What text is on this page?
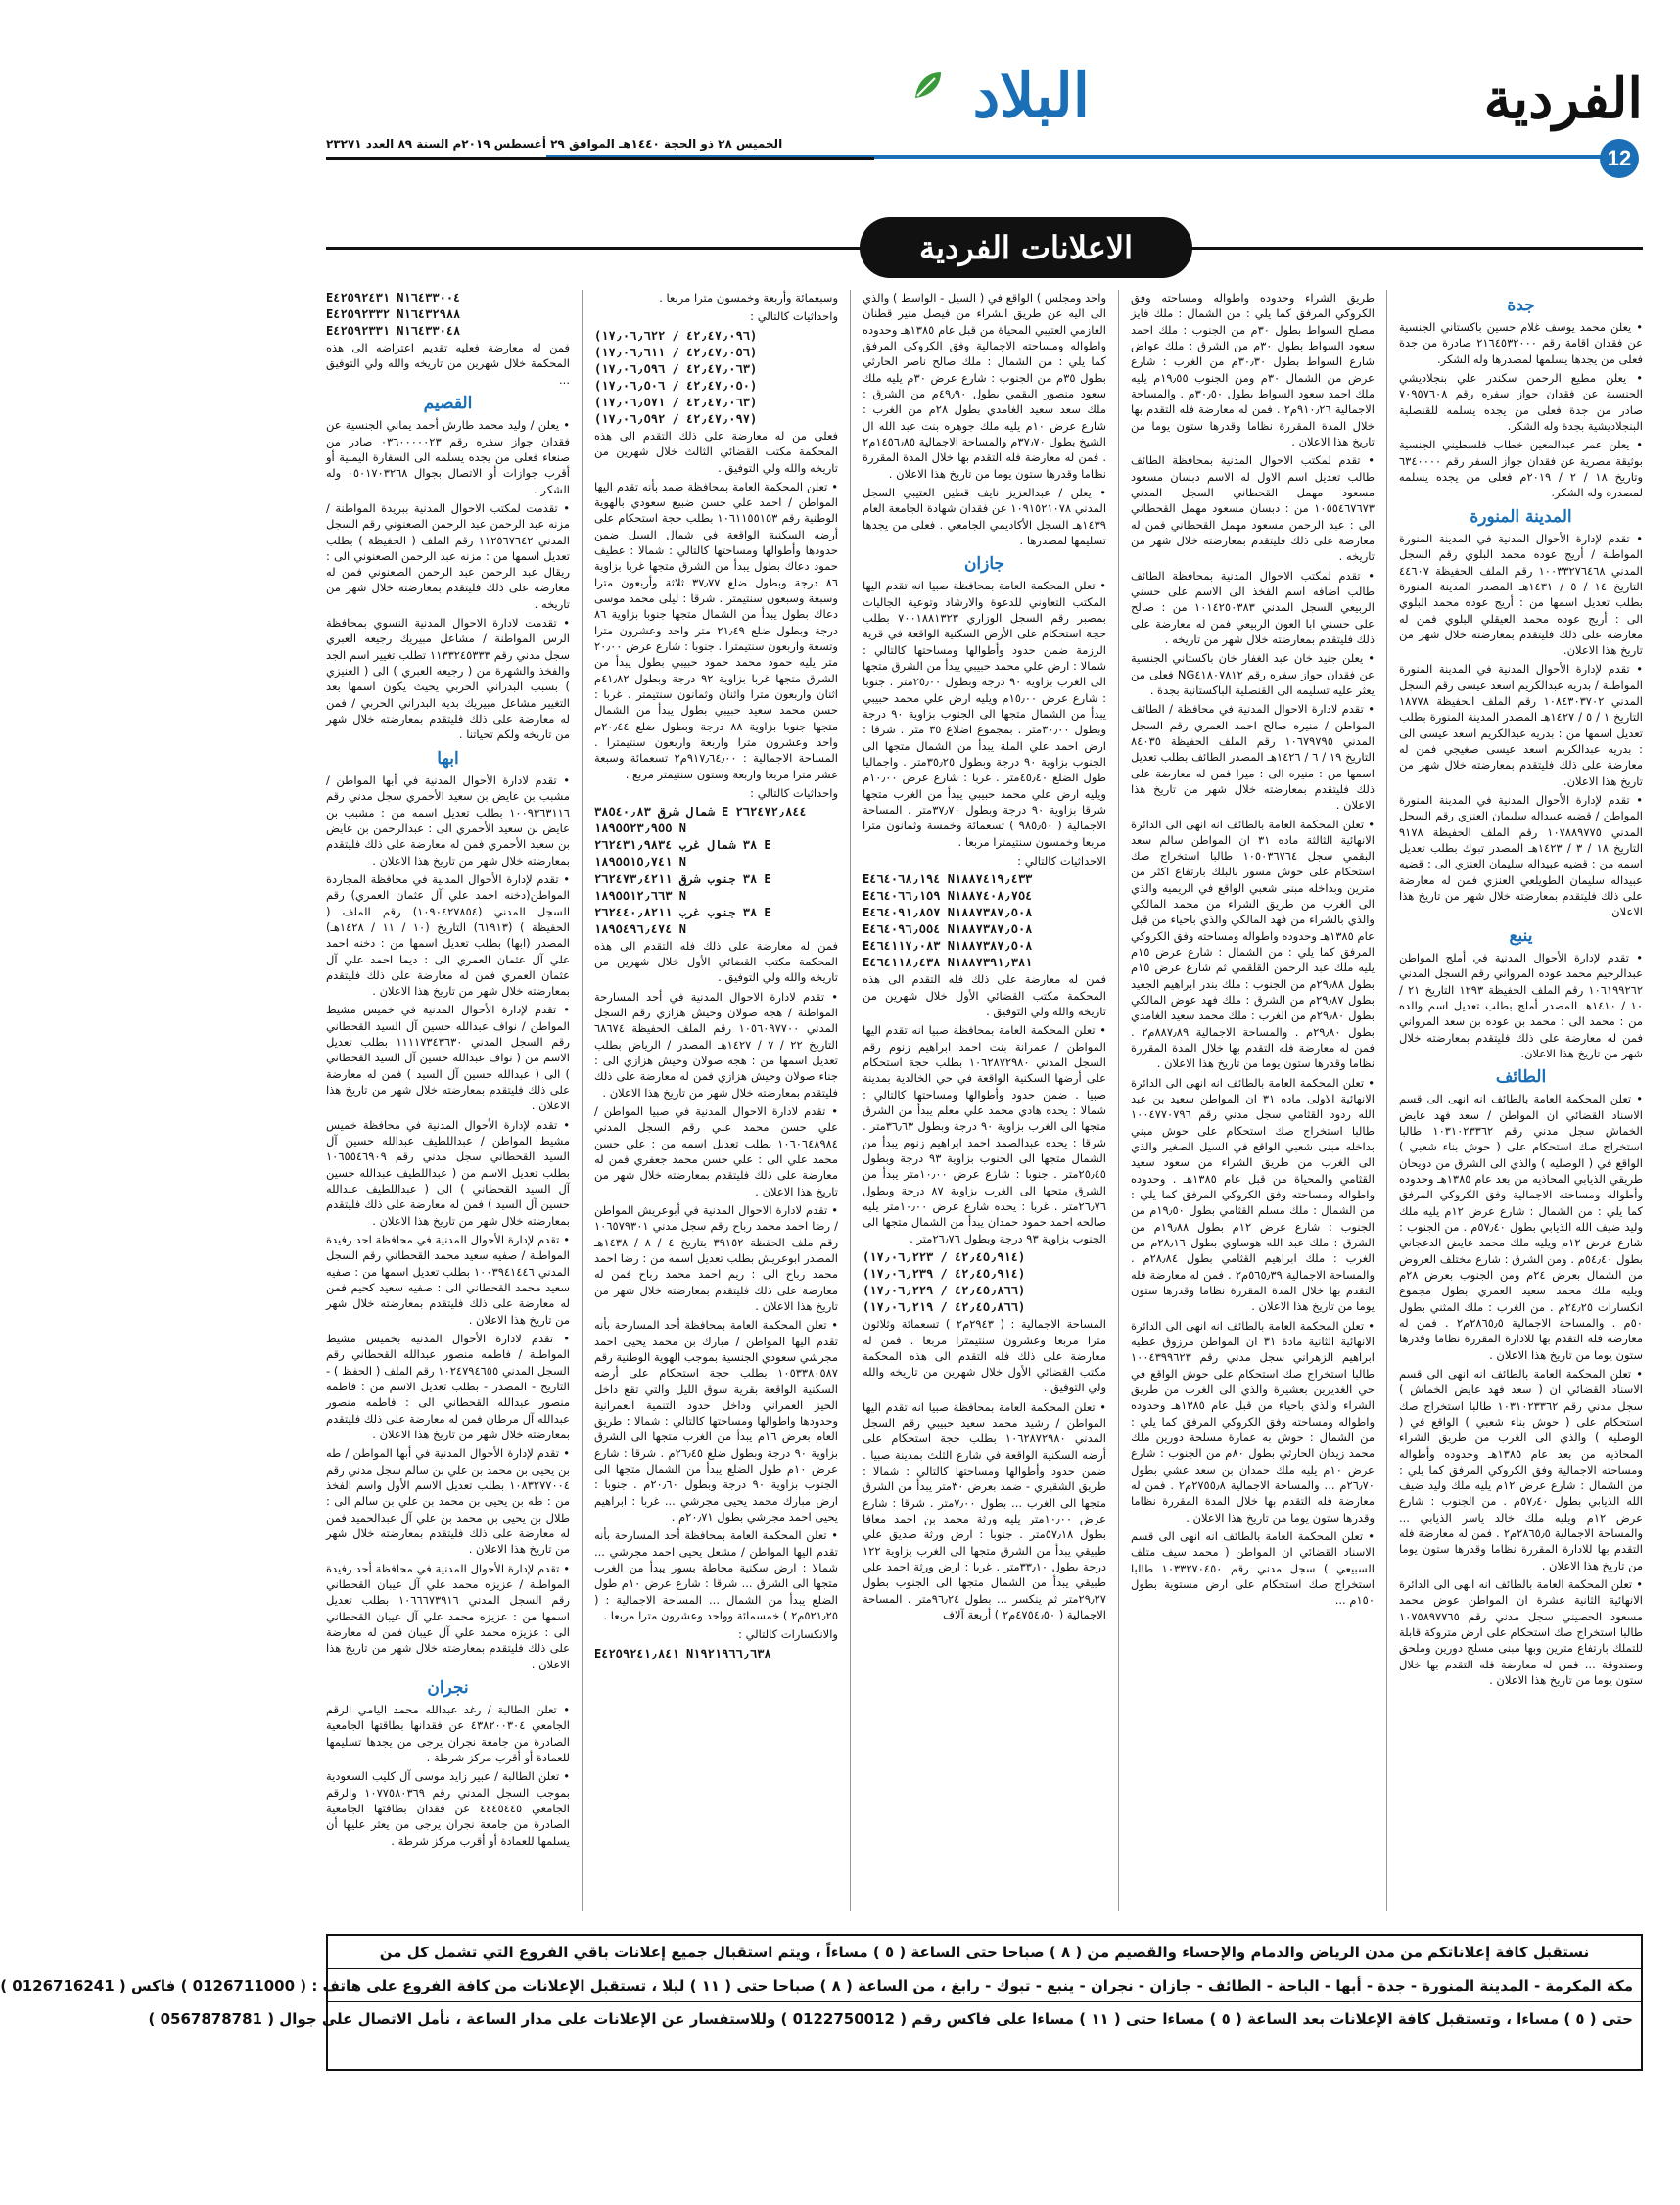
الفردية
12
البلاد
الخميس ٢٨ ذو الحجة ١٤٤٠هـ الموافق ٢٩ أغسطس ٢٠١٩م السنة ٨٩ العدد ٢٣٢٧١
الاعلانات الفردية
جدة
• يعلن محمد يوسف غلام حسين باكستاني الجنسية عن فقدان اقامة رقم ٢١٦٤٥٣٢٠٠٠ صادرة من جدة فعلى من يجدها يسلمها لمصدرها وله الشكر.
• يعلن مطيع الرحمن سكندر علي بنجلاديشي الجنسية عن فقدان جواز سفره رقم ٧٠٩٥٧٦٠٨ صادر من جدة فعلى من يجده يسلمه للقنصلية البنجلاديشية بجدة وله الشكر.
• يعلن عمر عبدالمعين خطاب فلسطيني الجنسية بوثيقة مصرية عن فقدان جواز السفر رقم ٦٣٤٠٠٠٠ وتاريخ ١٨ / ٢ / ٢٠١٩م فعلى من يجده يسلمه لمصدره وله الشكر.
المدينة المنورة
• تقدم لإدارة الأحوال المدنية في المدينة المنورة المواطنة / أريج عوده محمد البلوي رقم السجل المدني ١٠٠٣٣٢٧٦٤٦٨ رقم الملف الحفيظة ٤٤٦٠٧ التاريخ ١٤ / ٥ / ١٤٣١هـ المصدر المدينة المنورة بطلب تعديل اسمها من : أريج عوده محمد البلوي الى : أريج عوده محمد العيقلي البلوي فمن له معارضة على ذلك فليتقدم بمعارضته خلال شهر من تاريخ هذا الاعلان.
• تقدم لإدارة الأحوال المدنية في المدينة المنورة المواطنة / بدريه عبدالكريم اسعد عيسى رقم السجل المدني ١٠٨٤٣٠٣٧٠٢ رقم الملف الحفيظة ١٨٧٧٨ التاريخ ١ / ٥ / ١٤٢٧هـ المصدر المدينة المنورة بطلب تعديل اسمها من : بدريه عبدالكريم اسعد عيسى الى : بدريه عبدالكريم اسعد عيسى صغيجي فمن له معارضة على ذلك فليتقدم بمعارضته خلال شهر من تاريخ هذا الاعلان.
• تقدم لإدارة الأحوال المدنية في المدينة المنورة المواطن / قضيه عبيداله سليمان العنزي رقم السجل المدني ١٠٧٨٨٩٧٧٥ رقم الملف الحفيظة ٩١٧٨ التاريخ ١٨ / ٣ / ١٤٢٣هـ المصدر تبوك بطلب تعديل اسمه من : قضيه عبيداله سليمان العنزي الى : قضيه عبيداله سليمان الطويلعي العنزي فمن له معارضة على ذلك فليتقدم بمعارضته خلال شهر من تاريخ هذا الاعلان.
ينبع
• تقدم لإدارة الأحوال المدنية في أملج المواطن عبدالرحيم محمد عوده المرواني رقم السجل المدني ١٠٦١٩٩٢٦٢ رقم الملف الحفيظة ١٢٩٣ التاريخ ٢١ / ١٠ / ١٤١٠هـ المصدر أملج بطلب تعديل اسم والده من : محمد الى : محمد بن عوده بن سعد المرواني فمن له معارضة على ذلك فليتقدم بمعارضته خلال شهر من تاريخ هذا الاعلان.
الطائف
• تعلن المحكمة العامة بالطائف انه انهى الى قسم الاسناد القضائي ان المواطن / سعد فهد عايض الخماش سجل مدني رقم ١٠٣١٠٢٣٣٦٢ طالبا استخراج صك استحكام على ( حوش بناء شعبي ) الواقع في ( الوصليه ) والذي الى الشرق من دويحان طريقي الذيابي المحاذيه من بعد عام ١٣٨٥هـ وحدوده وأطواله ومساحته الاجمالية وفق الكروكي المرفق كما يلي : من الشمال : شارع عرض ١٢م يليه ملك وليد ضيف الله الذيابي بطول ٥٧٫٤٠م . من الجنوب : شارع عرض ١٢م ويليه ملك محمد عايض الدعجاني بطول ٥٤٫٤٠م . ومن الشرق : شارع مختلف العروض من الشمال بعرض ٢٤م ومن الجنوب بعرض ٢٨م ويليه ملك محمد سعيد العمري بطول مجموع انكسارات ٢٤٫٢٥م . من الغرب : ملك المثني بطول ٥٠م . والمساحة الاجمالية ٢٨٦٥٫٥م٢ . فمن له معارضة فله التقدم بها للادارة المقررة نظاما وقدرها ستون يوما من تاريخ هذا الاعلان .
• تعلن المحكمة العامة بالطائف انه انهى الى قسم الاسناد القضائي ان ( سعد فهد عايض الخماش ) سجل مدني رقم ١٠٣١٠٢٣٣٦٢ طالبا استخراج صك استحكام على ( حوش بناء شعبي ) الواقع في ( الوصليه ) والذي الى الغرب من طريق الشراء المحاذيه من بعد عام ١٣٨٥هـ وحدوده وأطواله ومساحته الاجمالية وفق الكروكي المرفق كما يلي : من الشمال : شارع عرض ١٢م يليه ملك وليد ضيف الله الذيابي بطول ٥٧٫٤٠م . من الجنوب : شارع عرض ١٢م ويليه ملك خالد ياسر الذيابي ... والمساحة الاجمالية ٢٨٦٥٫٥م٢ . فمن له معارضة فله التقدم بها للادارة المقررة نظاما وقدرها ستون يوما من تاريخ هذا الاعلان .
• تعلن المحكمة العامة بالطائف انه انهى الى الدائرة الانهائية الثانية عشرة ان المواطن عوض محمد مسعود الحصيني سجل مدني رقم ١٠٧٥٨٩٧٧٦٥ طالبا استخراج صك استحكام على ارض متروكة قابلة للتملك بارتفاع مترين وبها مبنى مسلح دورين وملحق وصندوقة ... فمن له معارضة فله التقدم بها خلال ستون يوما من تاريخ هذا الاعلان .
طريق الشراء وحدوده واطواله ومساحته وفق الكروكي المرفق كما يلي : من الشمال : ملك فايز مصلح السواط بطول ٣٠م من الجنوب : ملك احمد سعود السواط بطول ٣٠م من الشرق : ملك عواض شارع السواط بطول ٣٠٫٣٠م من الغرب : شارع عرض من الشمال ٣٠م ومن الجنوب ١٩٫٥٥م يليه ملك احمد سعود السواط بطول ٣٠٫٥٠م . والمساحة الاجمالية ٩١٠٫٢٦م٢ . فمن له معارضة فله التقدم بها خلال المدة المقررة نظاما وقدرها ستون يوما من تاريخ هذا الاعلان .
• تقدم لمكتب الاحوال المدنية بمحافظة الطائف طالب تعديل اسم الاول له الاسم دبسان مسعود مسعود مهمل القحطاني السجل المدني ١٠٥٥٤٦٧٦٧٣ من : دبسان مسعود مهمل القحطاني الى : عبد الرحمن مسعود مهمل القحطاني فمن له معارضة على ذلك فليتقدم بمعارضته خلال شهر من تاريخه .
• تقدم لمكتب الاحوال المدنية بمحافظة الطائف طالب اضافه اسم الفخذ الى الاسم على حسني الربيعي السجل المدني ١٠١٤٢٥٠٣٨٣ من : صالح على حسني ابا العون الربيعي فمن له معارضة على ذلك فليتقدم بمعارضته خلال شهر من تاريخه .
• يعلن جنيد خان عبد الغفار خان باكستاني الجنسية عن فقدان جواز سفره رقم NG٤١٨٠٧٨١٢ فعلى من يعثر عليه تسليمه الى القنصلية الباكستانية بجدة .
• تقدم لادارة الاحوال المدنية في محافظة / الطائف المواطن / منيره صالح احمد العمري رقم السجل المدني ١٠٦٧٩٧٩٥ رقم الملف الحفيظة ٨٤٠٣٥ التاريخ ١٩ / ٦ / ١٤٢٦هـ المصدر الطائف بطلب تعديل اسمها من : منيره الى : ميرا فمن له معارضة على ذلك فليتقدم بمعارضته خلال شهر من تاريخ هذا الاعلان .
• تعلن المحكمة العامة بالطائف انه انهى الى الدائرة الانهائية الثالثة ماده ٣١ ان المواطن سالم سعد البقمي سجل ١٠٥٠٣٦٧٦٤ طالبا استخراج صك استحكام على حوش مسور بالبلك بارتفاع اكثر من مترين وبداخله مبنى شعبي الواقع في الريميه والذي الى الغرب من طريق الشراء من محمد المالكي والذي بالشراء من فهد المالكي والذي باحياء من قبل عام ١٣٨٥هـ وحدوده واطواله ومساحته وفق الكروكي المرفق كما يلي : من الشمال : شارع عرض ١٥م يليه ملك عبد الرحمن القلقمي ثم شارع عرض ١٥م بطول ٢٩٫٨٨م من الجنوب : ملك بندر ابراهيم الجعيد بطول ٢٩٫٨٧م من الشرق : ملك فهد عوض المالكي بطول ٢٩٫٨٠م من الغرب : ملك محمد سعيد الغامدي بطول ٢٩٫٨٠م . والمساحة الاجمالية ٨٨٧٫٨٩م٢ . فمن له معارضة فله التقدم بها خلال المدة المقررة نظاما وقدرها ستون يوما من تاريخ هذا الاعلان .
• تعلن المحكمة العامة بالطائف انه انهى الى الدائرة الانهائية الاولى ماده ٣١ ان المواطن سعيد بن عبد الله ردود القثامي سجل مدني رقم ١٠٠٤٧٧٠٧٩٦ طالبا استخراج صك استحكام على حوش مبني بداخله مبنى شعبي الواقع في السيل الصغير والذي الى الغرب من طريق الشراء من سعود سعيد القثامي والمحياة من قبل عام ١٣٨٥هـ . وحدوده واطواله ومساحته وفق الكروكي المرفق كما يلي : من الشمال : ملك مسلم القثامي بطول ١٩٫٥٠م من الجنوب : شارع عرض ١٢م بطول ١٩٫٨٨م من الشرق : ملك عبد الله هوساوي بطول ٢٨٫١٦م من الغرب : ملك ابراهيم القثامي بطول ٢٨٫٨٤م . والمساحة الاجمالية ٥٦٥٫٣٩م٢ . فمن له معارضة فله التقدم بها خلال المدة المقررة نظاما وقدرها ستون يوما من تاريخ هذا الاعلان .
• تعلن المحكمة العامة بالطائف انه انهى الى الدائرة الانهائية الثانية مادة ٣١ ان المواطن مرزوق عطيه ابراهيم الزهراني سجل مدني رقم ١٠٠٤٣٩٩٦٢٣ طالبا استخراج صك استحكام على حوش الواقع في حي الغديرين بعشيرة والذي الى الغرب من طريق الشراء والذي باحياء من قبل عام ١٣٨٥هـ وحدوده واطواله ومساحته وفق الكروكي المرفق كما يلي : من الشمال : حوش به عمارة مسلحة دورين ملك محمد زيدان الحارثي بطول ٨٠م من الجنوب : شارع عرض ١٠م يليه ملك حمدان بن سعد عشي بطول ٢٦٫٧٠م ... والمساحة الاجمالية ٢٧٥٥٫٨م٢ . فمن له معارضة فله التقدم بها خلال المدة المقررة نظاما وقدرها ستون يوما من تاريخ هذا الاعلان .
• تعلن المحكمة العامة بالطائف انه انهى الى قسم الاسناد القضائي ان المواطن ( محمد سيف متلف السبيعي ) سجل مدني رقم ١٠٣٣٢٧٠٤٥٠ طالبا استخراج صك استحكام على ارض مستوية بطول ١٥٠م ...
واحد ومجلس ) الواقع في ( السيل - الواسط ) والذي الى اليه عن طريق الشراء من فيصل منير قطنان العازمي العتيبي المحياة من قبل عام ١٣٨٥هـ وحدوده واطواله ومساحته الاجمالية وفق الكروكي المرفق كما يلي : من الشمال : ملك صالح ناصر الحارثي بطول ٣٥م من الجنوب : شارع عرض ٣٠م يليه ملك سعود منصور البقمي بطول ٤٩٫٩٠م من الشرق : ملك سعد سعيد الغامدي بطول ٢٨م من الغرب : شارع عرض ١٠م يليه ملك جوهره بنت عبد الله ال الشيخ بطول ٣٧٫٧٠م والمساحة الاجمالية ١٤٥٦٫٨٥م٢ . فمن له معارضة فله التقدم بها خلال المدة المقررة نظاما وقدرها ستون يوما من تاريخ هذا الاعلان .
• يعلن / عبدالعزيز نايف قطين العتيبي السجل المدني ١٠٩١٥٢١٠٧٨ عن فقدان شهادة الجامعة العام ١٤٣٩هـ السجل الأكاديمي الجامعي . فعلى من يجدها تسليمها لمصدرها .
جازان
• تعلن المحكمة العامة بمحافظة صبيا انه تقدم اليها المكتب التعاوني للدعوة والارشاد وتوعية الجاليات بمصبر رقم السجل الوزاري ٧٠٠١٨٨١٣٢٣ بطلب حجة استحكام على الأرض السكنية الواقعة في قرية الرزمة ضمن حدود وأطوالها ومساحتها كالتالي : شمالا : ارض علي محمد حبيبي يبدأ من الشرق متجها الى الغرب بزاوية ٩٠ درجة وبطول ٢٥٫٠٠متر . جنوبا : شارع عرض ١٥٫٠٠م ويليه ارض علي محمد حبيبي يبدأ من الشمال متجها الى الجنوب بزاوية ٩٠ درجة وبطول ٣٠٫٠٠متر . بمجموع اضلاع ٣٥ متر . شرقا : ارض احمد علي الملة يبدأ من الشمال متجها الى الجنوب بزاوية ٩٠ درجة وبطول ٣٥٫٢٥متر . واجماليا طول الضلع ٤٥٫٤٠متر . غربا : شارع عرض ١٠٫٠٠م ويليه ارض علي محمد حبيبي يبدأ من الغرب متجها شرقا بزاوية ٩٠ درجة وبطول ٣٧٫٧٠متر . المساحة الاجمالية ( ٩٨٥٫٥٠ ) تسعمائة وخمسة وثمانون مترا مربعا وخمسون سنتيمترا مربعا .
الاحداثيات كالتالي :
E٤٦٤٠٦٨٫١٩٤ N١٨٨٧٤١٩٫٤٣٣
E٤٦٤٠٦٦٫١٥٩ N١٨٨٧٤٠٨٫٧٥٤
E٤٦٤٠٩١٫٨٥٧ N١٨٨٧٣٨٧٫٥٠٨
E٤٦٤٠٩٦٫٥٥٤ N١٨٨٧٣٨٧٫٥٠٨
E٤٦٤١١٧٫٠٨٣ N١٨٨٧٣٨٧٫٥٠٨
E٤٦٤١١٨٫٤٣٨ N١٨٨٧٣٩١٫٣٨١
فمن له معارضة على ذلك فله التقدم الى هذه المحكمة مكتب القضائي الأول خلال شهرين من تاريخه والله ولي التوفيق .
• تعلن المحكمة العامة بمحافظة صبيا انه تقدم اليها المواطن / عمرانة بنت احمد ابراهيم زنوم رقم السجل المدني ١٠٦٢٨٧٢٩٨٠ بطلب حجة استحكام على أرضها السكنية الواقعة في حي الخالدية بمدينة صبيا . ضمن حدود وأطوالها ومساحتها كالتالي : شمالا : يحده هادي محمد علي معلم يبدأ من الشرق متجها الى الغرب بزاوية ٩٠ درجة وبطول ٣٦٫٦٣متر . شرقا : يحده عبدالصمد احمد ابراهيم زنوم يبدأ من الشمال متجها الى الجنوب بزاوية ٩٣ درجة وبطول ٢٥٫٤٥متر . جنوبا : شارع عرض ١٠٫٠٠متر يبدأ من الشرق متجها الى الغرب بزاوية ٨٧ درجة وبطول ٢٦٫٧٦متر . غربا : يحده شارع عرض ١٠٫٠٠متر يليه صالحه احمد حمود حمدان يبدأ من الشمال متجها الى الجنوب بزاوية ٩٣ درجة وبطول ٢٦٫٧٦متر .
(٤٢٫٤٥٫٩١٤ / ١٧٫٠٦٫٢٢٣)
(٤٢٫٤٥٫٩١٤ / ١٧٫٠٦٫٢٣٩)
(٤٢٫٤٥٫٨٦٦ / ١٧٫٠٦٫٢٢٩)
(٤٢٫٤٥٫٨٦٦ / ١٧٫٠٦٫٢١٩)
المساحة الاجمالية : ( ٢٩٤٣م٢ ) تسعمائة وثلاثون مترا مربعا وعشرون سنتيمترا مربعا . فمن له معارضة على ذلك فله التقدم الى هذه المحكمة مكتب القضائي الأول خلال شهرين من تاريخه والله ولي التوفيق .
• تعلن المحكمة العامة بمحافظة صبيا انه تقدم اليها المواطن / رشيد محمد سعيد حبيبي رقم السجل المدني ١٠٦٢٨٧٢٩٨٠ بطلب حجة استحكام على أرضه السكنية الواقعة في شارع الثلث بمدينة صبيا . ضمن حدود وأطوالها ومساحتها كالتالي : شمالا : طريق الشقيري - ضمد بعرض ٣٠متر يبدأ من الشرق متجها الى الغرب ... بطول ٧٫٠٠متر . شرقا : شارع عرض ١٠٫٠٠متر يليه ورثة محمد بن احمد معافا بطول ٥٧٫١٨متر . جنوبا : ارض ورثة صديق علي طبيقي يبدأ من الشرق متجها الى الغرب بزاوية ١٢٢ درجة بطول ٣٣٫١٠متر . غربا : ارض ورثة احمد علي طبيقي يبدأ من الشمال متجها الى الجنوب بطول ٢٩٫٢٧متر ثم ينكسر ... بطول ٩٦٫٢٤متر . المساحة الاجمالية ( ٤٧٥٤٫٥٠م٢ ) أربعة آلاف
وسبعمائة وأربعة وخمسون مترا مربعا .
واحداثيات كالتالي :
(٤٢٫٤٧٫٠٩٦ / ١٧٫٠٦٫٦٢٢)
(٤٢٫٤٧٫٠٥٦ / ١٧٫٠٦٫٦١١)
(٤٢٫٤٧٫٠٦٣ / ١٧٫٠٦٫٥٩٦)
(٤٢٫٤٧٫٠٥٠ / ١٧٫٠٦٫٥٠٦)
(٤٢٫٤٧٫٠٦٣ / ١٧٫٠٦٫٥٧١)
(٤٢٫٤٧٫٠٩٧ / ١٧٫٠٦٫٥٩٢)
فعلى من له معارضة على ذلك التقدم الى هذه المحكمة مكتب القضائي الثالث خلال شهرين من تاريخه والله ولي التوفيق .
• تعلن المحكمة العامة بمحافظة ضمد بأنه تقدم اليها المواطن / احمد علي حسن ضبيع سعودي بالهوية الوطنية رقم ١٠٦١١٥٥١٥٣ بطلب حجة استحكام على أرضه السكنية الواقعة في شمال السيل ضمن حدودها وأطوالها ومساحتها كالتالي : شمالا : عطيف حمود دعاك بطول يبدأ من الشرق متجها غربا بزاوية ٨٦ درجة وبطول ضلع ٣٧٫٧٧ ثلاثة وأربعون مترا وسبعة وسبعون سنتيمتر . شرقا : ليلى محمد موسى دعاك بطول يبدأ من الشمال متجها جنوبا بزاوية ٨٦ درجة وبطول ضلع ٢١٫٤٩ متر واحد وعشرون مترا وتسعة واربعون سنتيمترا . جنوبا : شارع عرض ٢٠٫٠٠ متر يليه حمود محمد حمود حبيبي بطول يبدأ من الشرق متجها غربا بزاوية ٩٢ درجة وبطول ٤١٫٨٢م اثنان واربعون مترا واثنان وثمانون سنتيمتر . غربا : حسن محمد سعيد حبيبي بطول يبدأ من الشمال متجها جنوبا بزاوية ٨٨ درجة وبطول ضلع ٢٠٫٤٤م واحد وعشرون مترا واربعة واربعون سنتيمترا . المساحة الاجمالية : ٩١٧٫٦٤٫٠٠م٢ تسعمائة وسبعة عشر مترا مربعا واربعة وستون سنتيمتر مربع .
واحداثيات كالتالي :
شمال شرق ٣٨٥٤٠٫٨٣ E ٢٦٢٤٧٢٫٨٤٤
١٨٩٥٥٢٣٫٩٥٥ N
٣٨ شمال غرب ٢٦٢٤٣١٫٩٨٣٤ E
١٨٩٥٥١٥٫٧٤١ N
٣٨ جنوب شرق ٢٦٢٤٧٣٫٤٢١١ E
١٨٩٥٥١٢٫٦٦٣ N
٣٨ جنوب غرب ٢٦٢٤٤٠٫٨٢١١ E
١٨٩٥٤٩٦٫٤٧٤ N
فمن له معارضة على ذلك فله التقدم الى هذه المحكمة مكتب القضائي الأول خلال شهرين من تاريخه والله ولي التوفيق .
• تقدم لادارة الاحوال المدنية في أحد المسارحة المواطنة / هجه صولان وحيش هزازي رقم السجل المدني ١٠٥٦٠٩٧٧٠٠ رقم الملف الحفيظة ٦٨٦٧٤ التاريخ ٢٢ / ٧ / ١٤٢٧هـ المصدر / الرياض بطلب تعديل اسمها من : هجه صولان وحيش هزازي الى : جناء صولان وحيش هزازي فمن له معارضة على ذلك فليتقدم بمعارضته خلال شهر من تاريخ هذا الاعلان .
• تقدم لادارة الاحوال المدنية في صبيا المواطن / علي حسن محمد علي رقم السجل المدني ١٠٦٠٦٤٨٩٨٤ بطلب تعديل اسمه من : علي حسن محمد علي الى : علي حسن محمد جعفري فمن له معارضة على ذلك فليتقدم بمعارضته خلال شهر من تاريخ هذا الاعلان .
• تقدم لادارة الاحوال المدنية في أبوعريش المواطن / رضا احمد محمد رباح رقم سجل مدني ١٠٦٥٧٩٣٠١ رقم ملف الحفظة ٣٩١٥٢ بتاريخ ٤ / ٨ / ١٤٣٨هـ المصدر ابوعريش بطلب تعديل اسمه من : رضا احمد محمد رباح الى : ريم احمد محمد رباح فمن له معارضة على ذلك فليتقدم بمعارضته خلال شهر من تاريخ هذا الاعلان .
• تعلن المحكمة العامة بمحافظة أحد المسارحة بأنه تقدم اليها المواطن / مبارك بن محمد يحيى احمد مجرشي سعودي الجنسية بموجب الهوية الوطنية رقم ١٠٥٣٣٨٠٥٨٧ بطلب حجة استحكام على أرضه السكنية الواقعة بقرية سوق الليل والتي تقع داخل الحيز العمراني وداخل حدود التنمية العمرانية وحدودها واطوالها ومساحتها كالتالي : شمالا : طريق العام بعرض ١٦م يبدأ من الغرب متجها الى الشرق بزاوية ٩٠ درجة وبطول ضلع ٢٦٫٤٥م . شرقا : شارع عرض ١٠م طول الضلع يبدأ من الشمال متجها الى الجنوب بزاوية ٩٠ درجة وبطول ٢٠٫٦٠م . جنوبا : ارض مبارك محمد يحيى مجرشي ... غربا : ابراهيم يحيى احمد مجرشي بطول ٢٠٫٧١م .
• تعلن المحكمة العامة بمحافظة أحد المسارحة بأنه تقدم اليها المواطن / مشعل يحيى احمد مجرشي ... شمالا : ارض سكنية محاطة بسور يبدأ من الغرب متجها الى الشرق ... شرقا : شارع عرض ١٠م طول الضلع يبدأ من الشمال ... المساحة الاجمالية : ( ٥٢١٫٢٥م٢ ) خمسمائة وواحد وعشرون مترا مربعا .
والانكسارات كالتالي :
E٤٢٥٩٢٤١٫٨٤١ N١٩٢١٩٦٦٫٦٣٨
E٤٢٥٩٢٤٣١ N١٦٤٣٣٠٠٤
E٤٢٥٩٢٣٣٢ N١٦٤٣٢٩٨٨
E٤٢٥٩٢٣٣١ N١٦٤٣٣٠٤٨
فمن له معارضة فعليه تقديم اعتراضه الى هذه المحكمة خلال شهرين من تاريخه والله ولي التوفيق ...
القصيم
• يعلن / وليد محمد طارش أحمد يماني الجنسية عن فقدان جواز سفره رقم ٠٣٦٠٠٠٠٠٢٣ صادر من صنعاء فعلى من يجده يسلمه الى السفارة اليمنية أو أقرب جوازات أو الاتصال بجوال ٠٥٠١٧٠٣٢٦٨ وله الشكر .
• تقدمت لمكتب الاحوال المدنية ببريدة المواطنة / مزنه عبد الرحمن عبد الرحمن الصعنوني رقم السجل المدني ١١٢٥٦٧٦٤٢ رقم الملف ( الحفيظة ) بطلب تعديل اسمها من : مزنه عبد الرحمن الصعنوني الى : ريقال عبد الرحمن عبد الرحمن الصعنوني فمن له معارضة على ذلك فليتقدم بمعارضته خلال شهر من تاريخه .
• تقدمت لادارة الاحوال المدنية النسوي بمحافظة الرس المواطنة / مشاعل مبيريك رجيعه العبري سجل مدني رقم ١١٣٣٢٤٥٣٣٣ تطلب تغيير اسم الجد والفخذ والشهرة من ( رجيعه العبري ) الى ( العنيزي ) بسبب البدراني الحربي يحيث يكون اسمها بعد التغيير مشاعل مبيريك بديه البدراني الحربي / فمن له معارضة على ذلك فليتقدم بمعارضته خلال شهر من تاريخه ولكم تحياتنا .
ابها
• تقدم لادارة الأحوال المدنية في أبها المواطن / مشبب بن عايض بن سعيد الأحمري سجل مدني رقم ١٠٠٩٣٦٣١١٦ بطلب تعديل اسمه من : مشبب بن عايض بن سعيد الأحمري الى : عبدالرحمن بن عايض بن سعيد الأحمري فمن له معارضة على ذلك فليتقدم بمعارضته خلال شهر من تاريخ هذا الاعلان .
• تقدم لإدارة الأحوال المدنية في محافظة المجاردة المواطن(دخنه احمد علي آل عثمان العمري) رقم السجل المدني (١٠٩٠٤٢٧٨٥٤) رقم الملف ( الحفيظة ) (٦١٩١٣) التاريخ (١٠ / ١١ / ١٤٢٨هـ) المصدر (ابها) بطلب تعديل اسمها من : دخنه احمد علي آل عثمان العمري الى : ديما احمد علي آل عثمان العمري فمن له معارضة على ذلك فليتقدم بمعارضته خلال شهر من تاريخ هذا الاعلان .
• تقدم لإدارة الأحوال المدنية في خميس مشيط المواطن / نواف عبدالله حسين آل السيد القحطاني رقم السجل المدني ١١١١٧٣٤٣٦٣٠ بطلب تعديل الاسم من ( نواف عبدالله حسين آل السيد القحطاني ) الى ( عبدالله حسين آل السيد ) فمن له معارضة على ذلك فليتقدم بمعارضته خلال شهر من تاريخ هذا الاعلان .
• تقدم لإدارة الأحوال المدنية في محافظة خميس مشيط المواطن / عبداللطيف عبدالله حسين آل السيد القحطاني سجل مدني رقم ١٠٦٥٥٤٦٩٠٩ بطلب تعديل الاسم من ( عبداللطيف عبدالله حسين آل السيد القحطاني ) الى ( عبداللطيف عبدالله حسين آل السيد ) فمن له معارضة على ذلك فليتقدم بمعارضته خلال شهر من تاريخ هذا الاعلان .
• تقدم لإدارة الأحوال المدنية في محافظة احد رفيدة المواطنة / صفيه سعيد محمد القحطاني رقم السجل المدني ١٠٠٣٩٤١٤٤٦ بطلب تعديل اسمها من : صفيه سعيد محمد القحطاني الى : صفيه سعيد كحيم فمن له معارضة على ذلك فليتقدم بمعارضته خلال شهر من تاريخ هذا الاعلان .
• تقدم لادارة الأحوال المدنية بخميس مشيط المواطنة / فاطمه منصور عبدالله القحطاني رقم السجل المدني ١٠٢٤٧٩٤٦٥٥ رقم الملف ( الحفظ ) - التاريخ - المصدر - بطلب تعديل الاسم من : فاطمه منصور عبدالله القحطاني الى : فاطمه منصور عبدالله آل مرطان فمن له معارضة على ذلك فليتقدم بمعارضته خلال شهر من تاريخ هذا الاعلان .
• تقدم لإدارة الأحوال المدنية في أبها المواطن / طه بن يحيى بن محمد بن علي بن سالم سجل مدني رقم ١٠٨٣٢٧٧٠٠٤ بطلب تعديل الاسم الأول واسم الفخذ من : طه بن يحيى بن محمد بن علي بن سالم الى : طلال بن يحيى بن محمد بن علي آل عبدالحميد فمن له معارضة على ذلك فليتقدم بمعارضته خلال شهر من تاريخ هذا الاعلان .
• تقدم لإدارة الأحوال المدنية في محافظة أحد رفيدة المواطنة / عزيزه محمد علي آل عيبان القحطاني رقم السجل المدني ١٠٦٦٦٧٣٩١٦ بطلب تعديل اسمها من : عزيزه محمد علي آل عيبان القحطاني الى : عزيزه محمد علي آل عيبان فمن له معارضة على ذلك فليتقدم بمعارضته خلال شهر من تاريخ هذا الاعلان .
نجران
• تعلن الطالبة / رغد عبدالله محمد اليامي الرقم الجامعي ٤٣٨٢٠٠٣٠٤ عن فقدانها بطاقتها الجامعية الصادرة من جامعة نجران يرجى من يجدها تسليمها للعمادة أو أقرب مركز شرطة .
• تعلن الطالبة / عبير زايد موسى آل كليب السعودية بموجب السجل المدني رقم ١٠٧٧٥٨٠٣٦٩ والرقم الجامعي ٤٤٤٥٤٤٥ عن فقدان بطاقتها الجامعية الصادرة من جامعة نجران يرجى من يعثر عليها أن يسلمها للعمادة أو أقرب مركز شرطة .
نستقبل كافة إعلاناتكم من مدن الرياض والدمام والإحساء والقصيم من ( ٨ ) صباحا حتى الساعة ( ٥ ) مساءاً ، ويتم استقبال جميع إعلانات باقي الفروع التي تشمل كل من
مكة المكرمة - المدينة المنورة - جدة - أبها - الباحة - الطائف - جازان - نجران - ينبع - تبوك - رابغ ، من الساعة ( ٨ ) صباحا حتى ( ١١ ) ليلا ، تستقبل الإعلانات من كافة الفروع على هاتف : ( 0126711000 ) فاكس ( 0126716241 )
حتى ( ٥ ) مساءا ، وتستقبل كافة الإعلانات بعد الساعة ( ٥ ) مساءا حتى ( ١١ ) مساءا على فاكس رقم ( 0122750012 ) وللاستفسار عن الإعلانات على مدار الساعة ، نأمل الاتصال على جوال ( 0567878781 )
